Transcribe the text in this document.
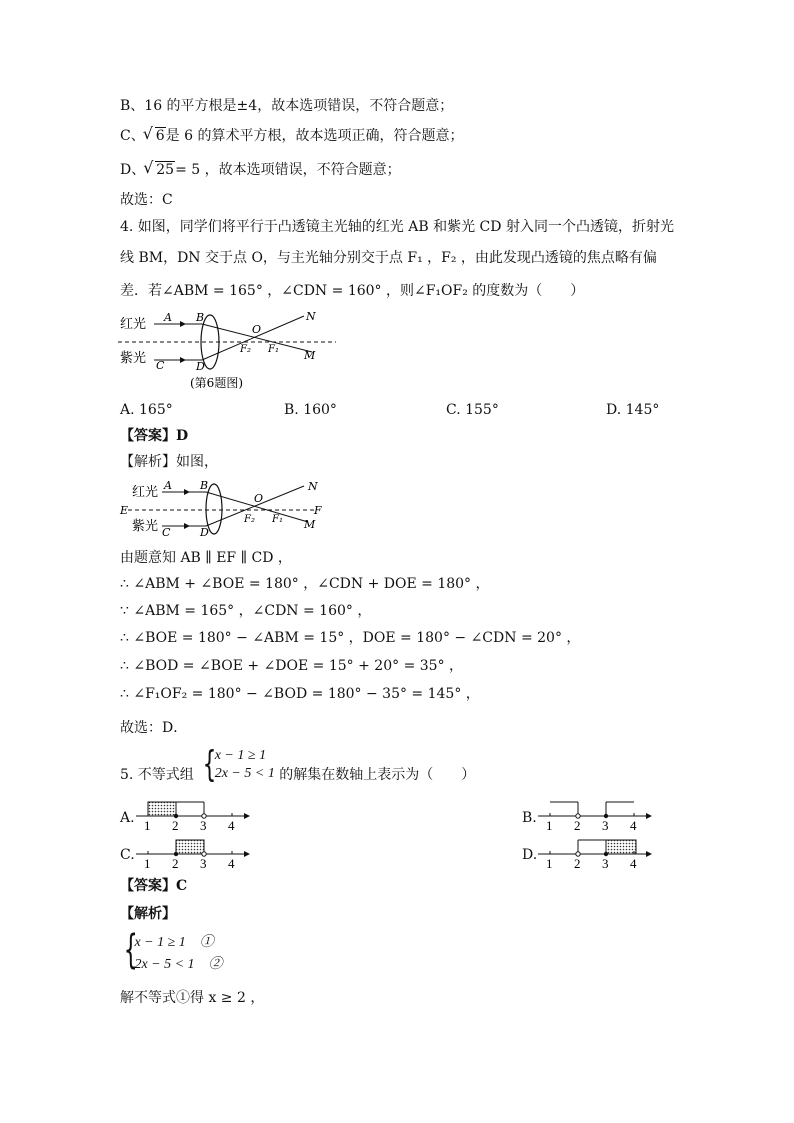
B、16 的平方根是±4，故本选项错误，不符合题意；
C、 √ 6是 6 的算术平方根，故本选项正确，符合题意；
D、 √ 25= 5 ，故本选项错误，不符合题意；
故选：C
4. 如图，同学们将平行于凸透镜主光轴的红光 AB 和紫光 CD 射入同一个凸透镜，折射光
线 BM，DN 交于点 O，与主光轴分别交于点 F₁ ，F₂ ，由此发现凸透镜的焦点略有偏
差．若∠ABM = 165° ，∠CDN = 160° ，则∠F₁OF₂ 的度数为（　　）
红光
紫光
A B
C	D
O
N
M
F₂ F₁
(第6题图)
A. 165°	B. 160°	C. 155°	D. 145°
【答案】D
【解析】如图，
红光
紫光
E	F
A	B
C	D
O
N
M
F₂ F₁
由题意知 AB ∥ EF ∥ CD ，
∴ ∠ABM + ∠BOE = 180° ，∠CDN + DOE = 180° ，
∵ ∠ABM = 165° ，∠CDN = 160° ，
∴ ∠BOE = 180° − ∠ABM = 15° ，DOE = 180° − ∠CDN = 20° ，
∴ ∠BOD = ∠BOE + ∠DOE = 15° + 20° = 35° ，
∴ ∠F₁OF₂ = 180° − ∠BOD = 180° − 35° = 145° ，
故选：D．
5. 不等式组 {

x − 1 ≥ 1
2x − 5 < 1 的解集在数轴上表示为（　　）
A. 1 2 3 4	B. 1 2 3 4
C.
1 2 3 4
D.
1 2 3 4
【答案】C
【解析】
{

x − 1 ≥ 1　①
2x − 5 < 1　②
解不等式①得 x ≥ 2 ，
